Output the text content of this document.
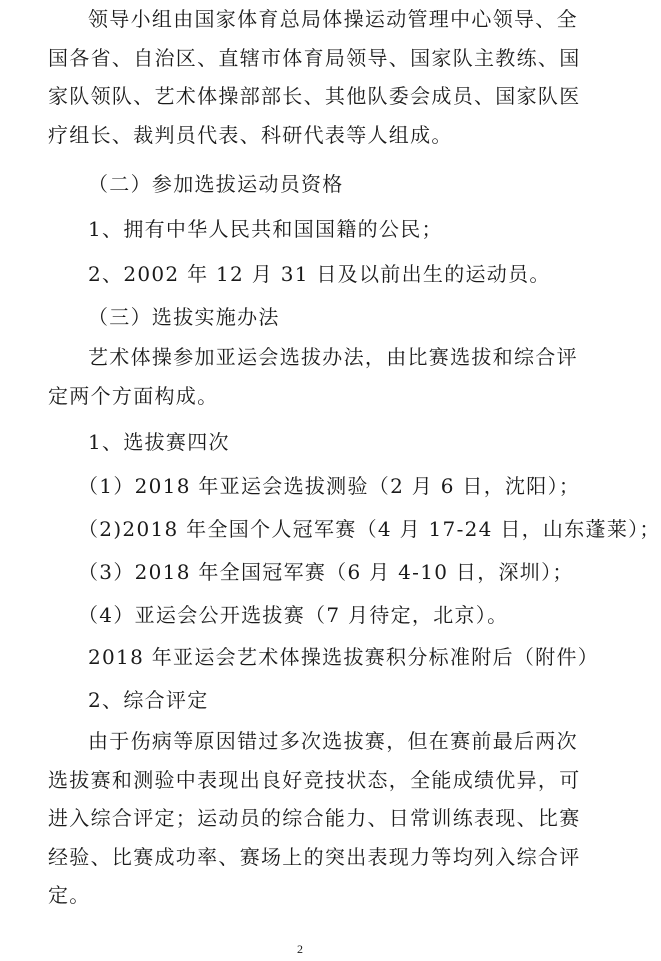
领导小组由国家体育总局体操运动管理中心领导、全国各省、自治区、直辖市体育局领导、国家队主教练、国家队领队、艺术体操部部长、其他队委会成员、国家队医疗组长、裁判员代表、科研代表等人组成。

（二）参加选拔运动员资格

1、拥有中华人民共和国国籍的公民；

2、2002 年 12 月 31 日及以前出生的运动员。

（三）选拔实施办法

艺术体操参加亚运会选拔办法，由比赛选拔和综合评定两个方面构成。

1、选拔赛四次

（1）2018 年亚运会选拔测验（2 月 6 日，沈阳）；

（2)2018 年全国个人冠军赛（4 月 17-24 日，山东蓬莱）；

（3）2018 年全国冠军赛（6 月 4-10 日，深圳）；

（4）亚运会公开选拔赛（7 月待定，北京）。

2018 年亚运会艺术体操选拔赛积分标准附后（附件）

2、综合评定

由于伤病等原因错过多次选拔赛，但在赛前最后两次选拔赛和测验中表现出良好竞技状态，全能成绩优异，可进入综合评定；运动员的综合能力、日常训练表现、比赛经验、比赛成功率、赛场上的突出表现力等均列入综合评定。

2
